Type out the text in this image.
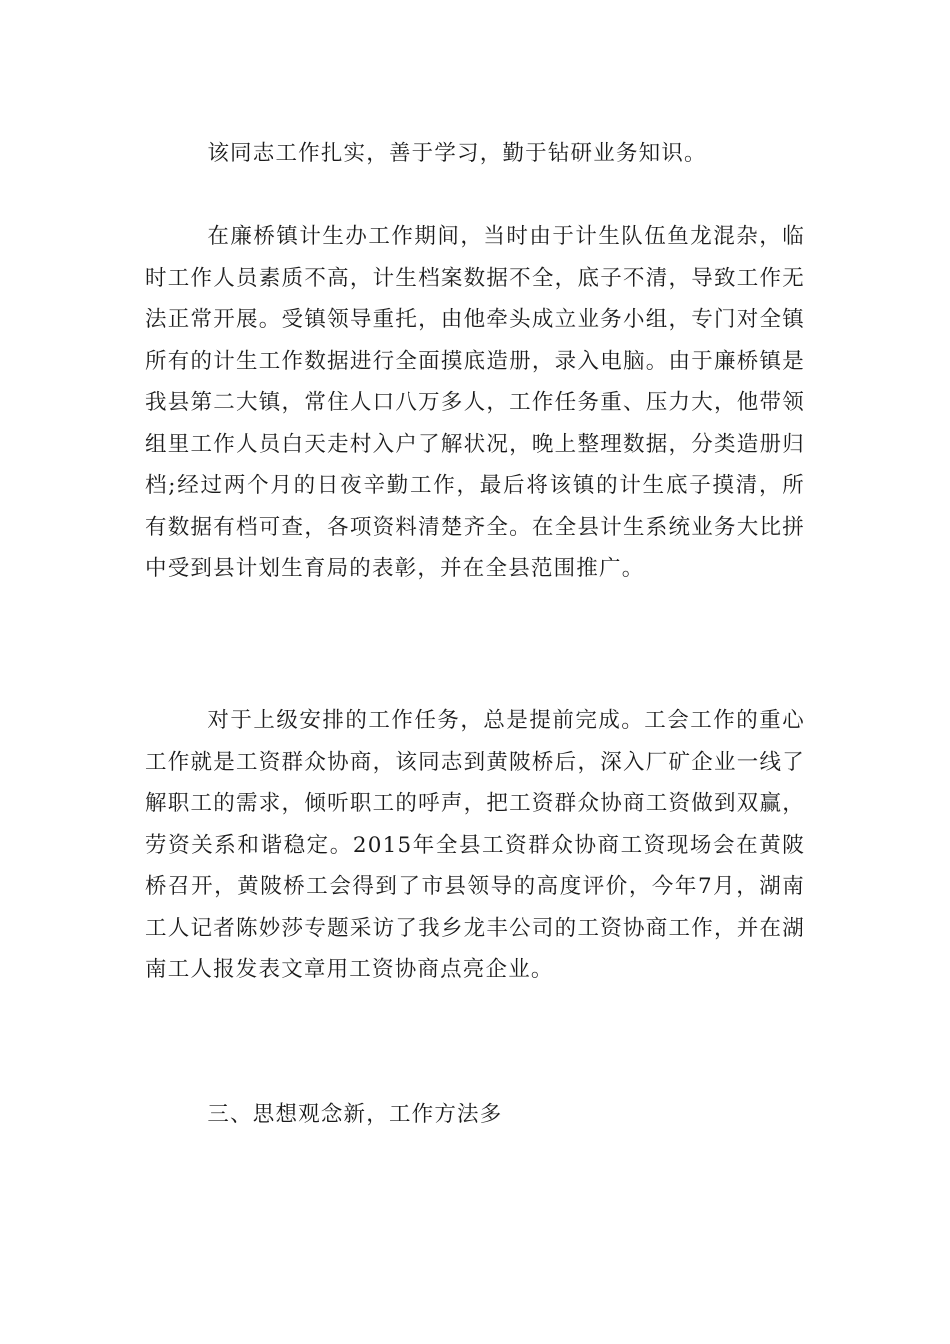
该同志工作扎实，善于学习，勤于钻研业务知识。

在廉桥镇计生办工作期间，当时由于计生队伍鱼龙混杂，临时工作人员素质不高，计生档案数据不全，底子不清，导致工作无法正常开展。受镇领导重托，由他牵头成立业务小组，专门对全镇所有的计生工作数据进行全面摸底造册，录入电脑。由于廉桥镇是我县第二大镇，常住人口八万多人，工作任务重、压力大，他带领组里工作人员白天走村入户了解状况，晚上整理数据，分类造册归档;经过两个月的日夜辛勤工作，最后将该镇的计生底子摸清，所有数据有档可查，各项资料清楚齐全。在全县计生系统业务大比拼中受到县计划生育局的表彰，并在全县范围推广。

对于上级安排的工作任务，总是提前完成。工会工作的重心工作就是工资群众协商，该同志到黄陂桥后，深入厂矿企业一线了解职工的需求，倾听职工的呼声，把工资群众协商工资做到双赢，劳资关系和谐稳定。2015年全县工资群众协商工资现场会在黄陂桥召开，黄陂桥工会得到了市县领导的高度评价，今年7月，湖南工人记者陈妙莎专题采访了我乡龙丰公司的工资协商工作，并在湖南工人报发表文章用工资协商点亮企业。

三、思想观念新，工作方法多
